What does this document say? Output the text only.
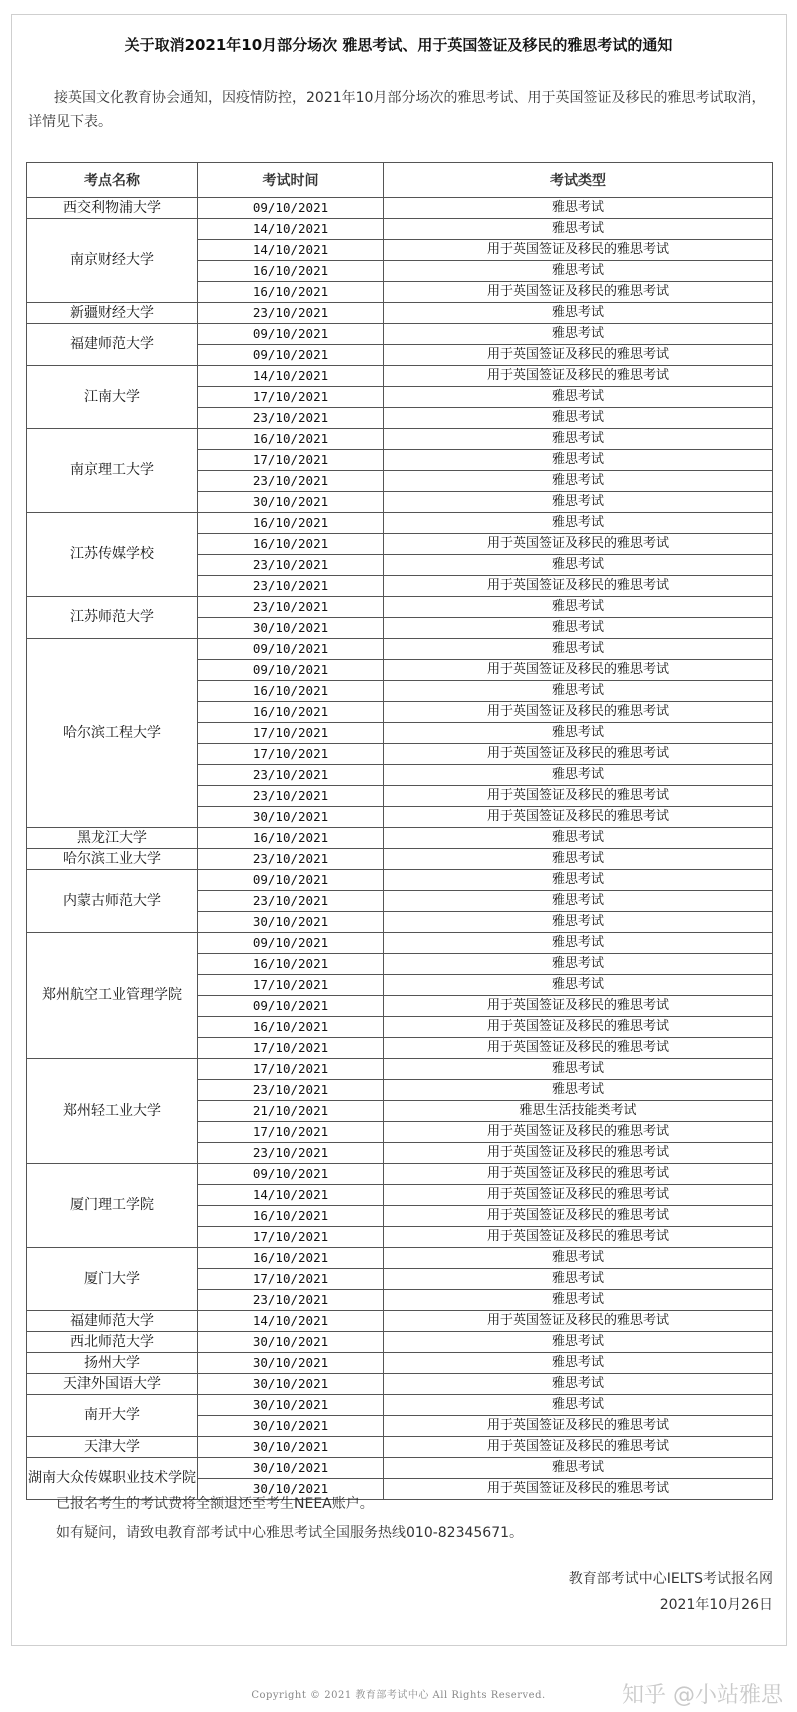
关于取消2021年10月部分场次 雅思考试、用于英国签证及移民的雅思考试的通知

接英国文化教育协会通知，因疫情防控，2021年10月部分场次的雅思考试、用于英国签证及移民的雅思考试取消，详情见下表。

考点名称	考试时间	考试类型
西交利物浦大学	09/10/2021	雅思考试
南京财经大学	14/10/2021	雅思考试
	14/10/2021	用于英国签证及移民的雅思考试
	16/10/2021	雅思考试
	16/10/2021	用于英国签证及移民的雅思考试
新疆财经大学	23/10/2021	雅思考试
福建师范大学	09/10/2021	雅思考试
	09/10/2021	用于英国签证及移民的雅思考试
江南大学	14/10/2021	用于英国签证及移民的雅思考试
	17/10/2021	雅思考试
	23/10/2021	雅思考试
南京理工大学	16/10/2021	雅思考试
	17/10/2021	雅思考试
	23/10/2021	雅思考试
	30/10/2021	雅思考试
江苏传媒学校	16/10/2021	雅思考试
	16/10/2021	用于英国签证及移民的雅思考试
	23/10/2021	雅思考试
	23/10/2021	用于英国签证及移民的雅思考试
江苏师范大学	23/10/2021	雅思考试
	30/10/2021	雅思考试
哈尔滨工程大学	09/10/2021	雅思考试
	09/10/2021	用于英国签证及移民的雅思考试
	16/10/2021	雅思考试
	16/10/2021	用于英国签证及移民的雅思考试
	17/10/2021	雅思考试
	17/10/2021	用于英国签证及移民的雅思考试
	23/10/2021	雅思考试
	23/10/2021	用于英国签证及移民的雅思考试
	30/10/2021	用于英国签证及移民的雅思考试
黑龙江大学	16/10/2021	雅思考试
哈尔滨工业大学	23/10/2021	雅思考试
内蒙古师范大学	09/10/2021	雅思考试
	23/10/2021	雅思考试
	30/10/2021	雅思考试
郑州航空工业管理学院	09/10/2021	雅思考试
	16/10/2021	雅思考试
	17/10/2021	雅思考试
	09/10/2021	用于英国签证及移民的雅思考试
	16/10/2021	用于英国签证及移民的雅思考试
	17/10/2021	用于英国签证及移民的雅思考试
郑州轻工业大学	17/10/2021	雅思考试
	23/10/2021	雅思考试
	21/10/2021	雅思生活技能类考试
	17/10/2021	用于英国签证及移民的雅思考试
	23/10/2021	用于英国签证及移民的雅思考试
厦门理工学院	09/10/2021	用于英国签证及移民的雅思考试
	14/10/2021	用于英国签证及移民的雅思考试
	16/10/2021	用于英国签证及移民的雅思考试
	17/10/2021	用于英国签证及移民的雅思考试
厦门大学	16/10/2021	雅思考试
	17/10/2021	雅思考试
	23/10/2021	雅思考试
福建师范大学	14/10/2021	用于英国签证及移民的雅思考试
西北师范大学	30/10/2021	雅思考试
扬州大学	30/10/2021	雅思考试
天津外国语大学	30/10/2021	雅思考试
南开大学	30/10/2021	雅思考试
	30/10/2021	用于英国签证及移民的雅思考试
天津大学	30/10/2021	用于英国签证及移民的雅思考试
湖南大众传媒职业技术学院	30/10/2021	雅思考试
	30/10/2021	用于英国签证及移民的雅思考试
已报名考生的考试费将全额退还至考生NEEA账户。
如有疑问，请致电教育部考试中心雅思考试全国服务热线010-82345671。
教育部考试中心IELTS考试报名网
2021年10月26日
Copyright © 2021 教育部考试中心 All Rights Reserved.	知乎 @小站雅思
